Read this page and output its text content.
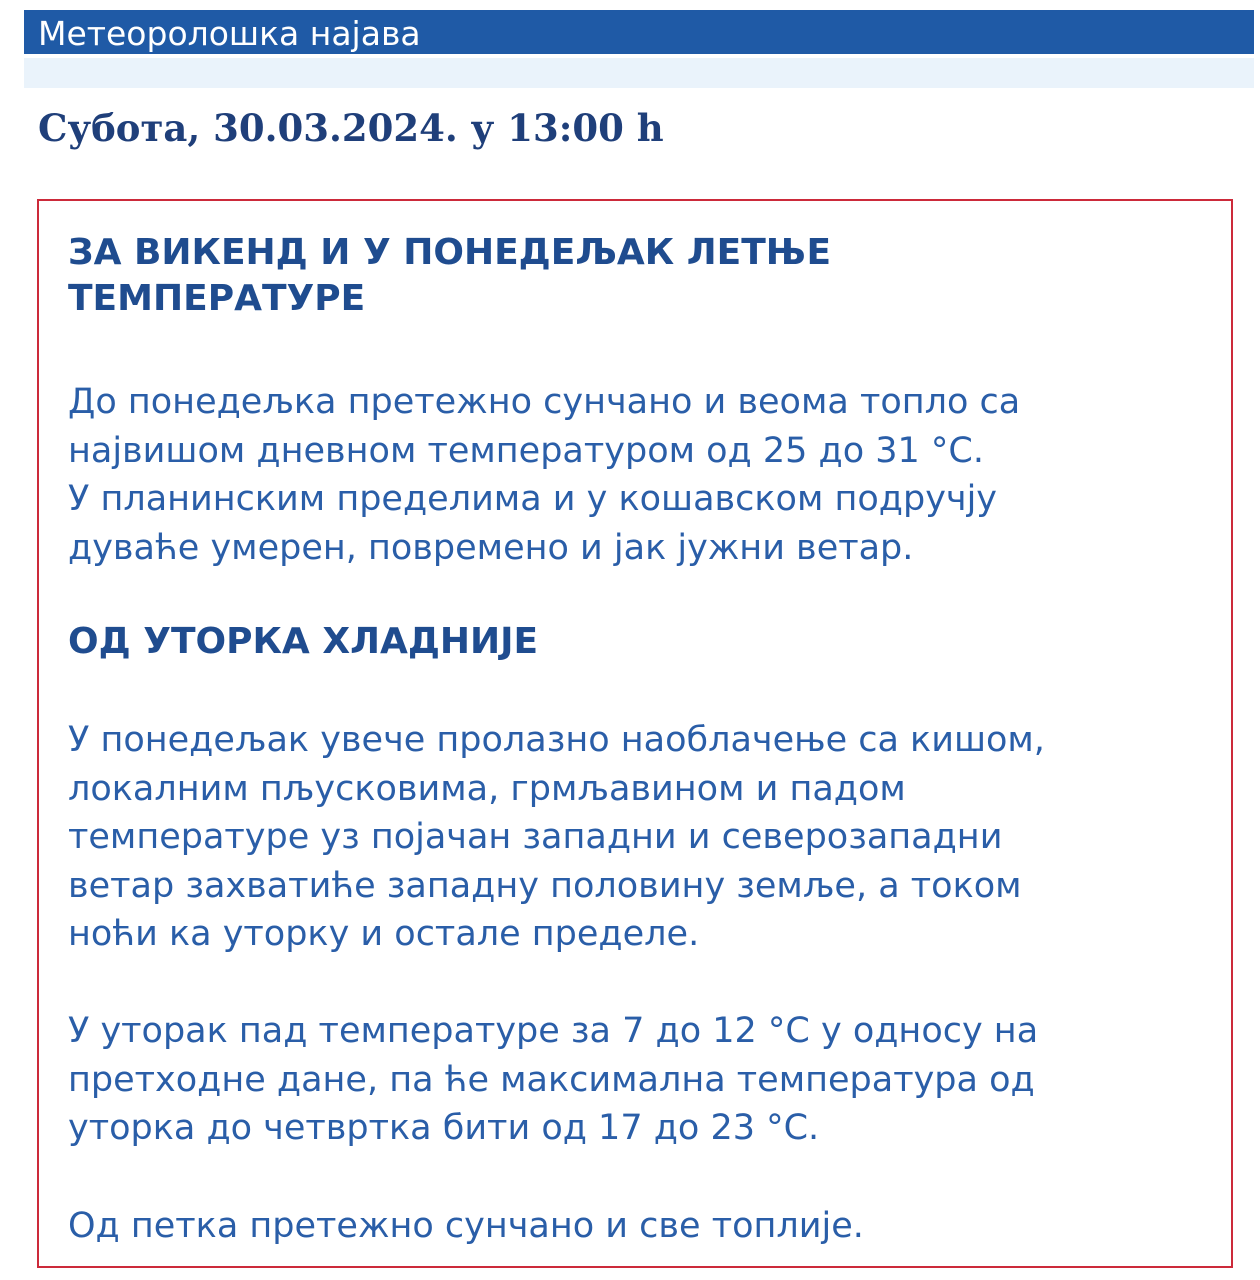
Метеоролошка најава
Субота, 30.03.2024. у 13:00 h
ЗА ВИКЕНД И У ПОНЕДЕЉАК ЛЕТЊЕ
ТЕМПЕРАТУРЕ

До понедељка претежно сунчано и веома топло са
највишом дневном температуром од 25 до 31 °C.
У планинским пределима и у кошавском подручју
дуваће умерен, повремено и јак јужни ветар.

ОД УТОРКА ХЛАДНИЈЕ

У понедељак увече пролазно наоблачење са кишом,
локалним пљусковима, грмљавином и падом
температуре уз појачан западни и северозападни
ветар захватиће западну половину земље, а током
ноћи ка уторку и остале пределе.

У уторак пад температуре за 7 до 12 °C у односу на
претходне дане, па ће максимална температура од
уторка до четвртка бити од 17 до 23 °C.

Од петка претежно сунчано и све топлије.
